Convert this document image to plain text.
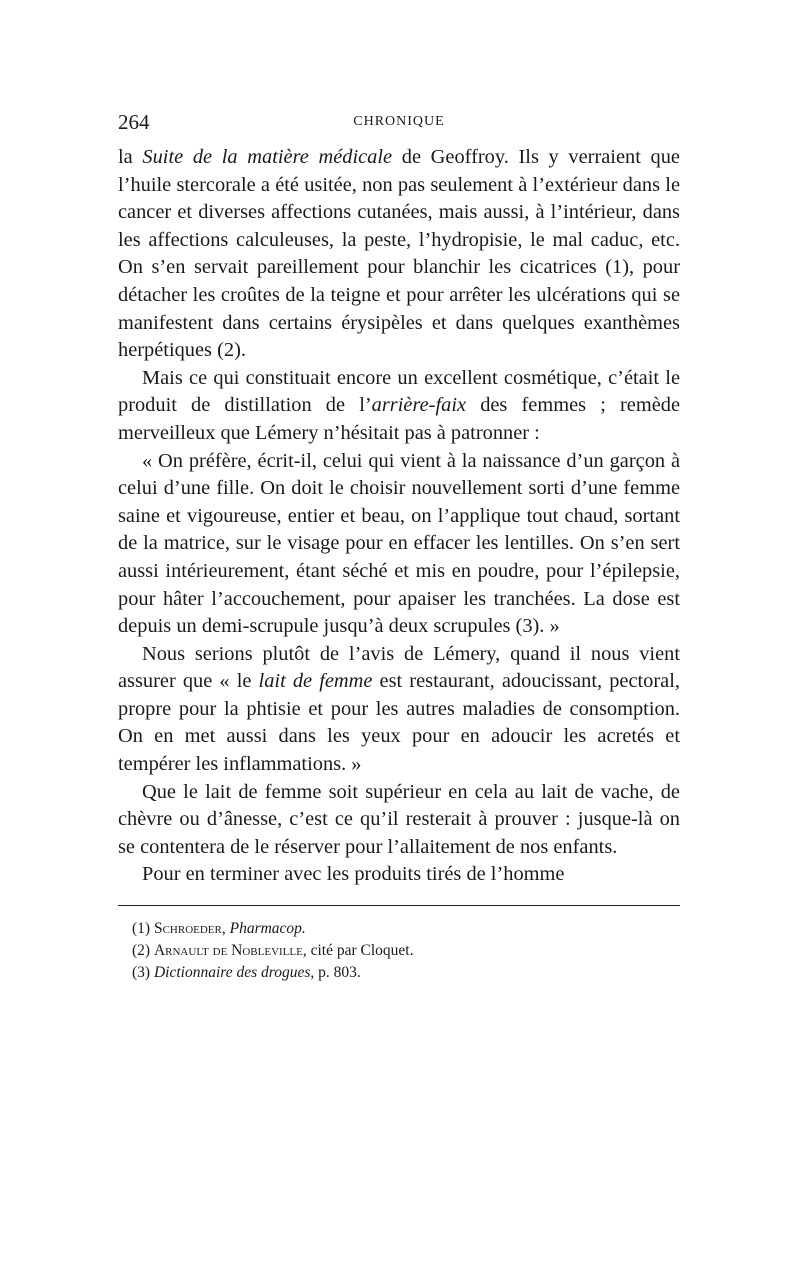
264	CHRONIQUE

la Suite de la matière médicale de Geoffroy. Ils y verraient que l’huile stercorale a été usitée, non pas seulement à l’extérieur dans le cancer et diverses affections cutanées, mais aussi, à l’intérieur, dans les affections calculeuses, la peste, l’hydropisie, le mal caduc, etc. On s’en servait pareillement pour blanchir les cicatrices (1), pour détacher les croûtes de la teigne et pour arrêter les ulcérations qui se manifestent dans certains érysipèles et dans quelques exanthèmes herpétiques (2).

Mais ce qui constituait encore un excellent cosmétique, c’était le produit de distillation de l’arrière-faix des femmes ; remède merveilleux que Lémery n’hésitait pas à patronner :

« On préfère, écrit-il, celui qui vient à la naissance d’un garçon à celui d’une fille. On doit le choisir nouvellement sorti d’une femme saine et vigoureuse, entier et beau, on l’applique tout chaud, sortant de la matrice, sur le visage pour en effacer les lentilles. On s’en sert aussi intérieurement, étant séché et mis en poudre, pour l’épilepsie, pour hâter l’accouchement, pour apaiser les tranchées. La dose est depuis un demi-scrupule jusqu’à deux scrupules (3). »

Nous serions plutôt de l’avis de Lémery, quand il nous vient assurer que « le lait de femme est restaurant, adoucissant, pectoral, propre pour la phtisie et pour les autres maladies de consomption. On en met aussi dans les yeux pour en adoucir les acretés et tempérer les inflammations. »

Que le lait de femme soit supérieur en cela au lait de vache, de chèvre ou d’ânesse, c’est ce qu’il resterait à prouver : jusque-là on se contentera de le réserver pour l’allaitement de nos enfants.

Pour en terminer avec les produits tirés de l’homme

(1) Schroeder, Pharmacop.
(2) Arnault de Nobleville, cité par Cloquet.
(3) Dictionnaire des drogues, p. 803.
